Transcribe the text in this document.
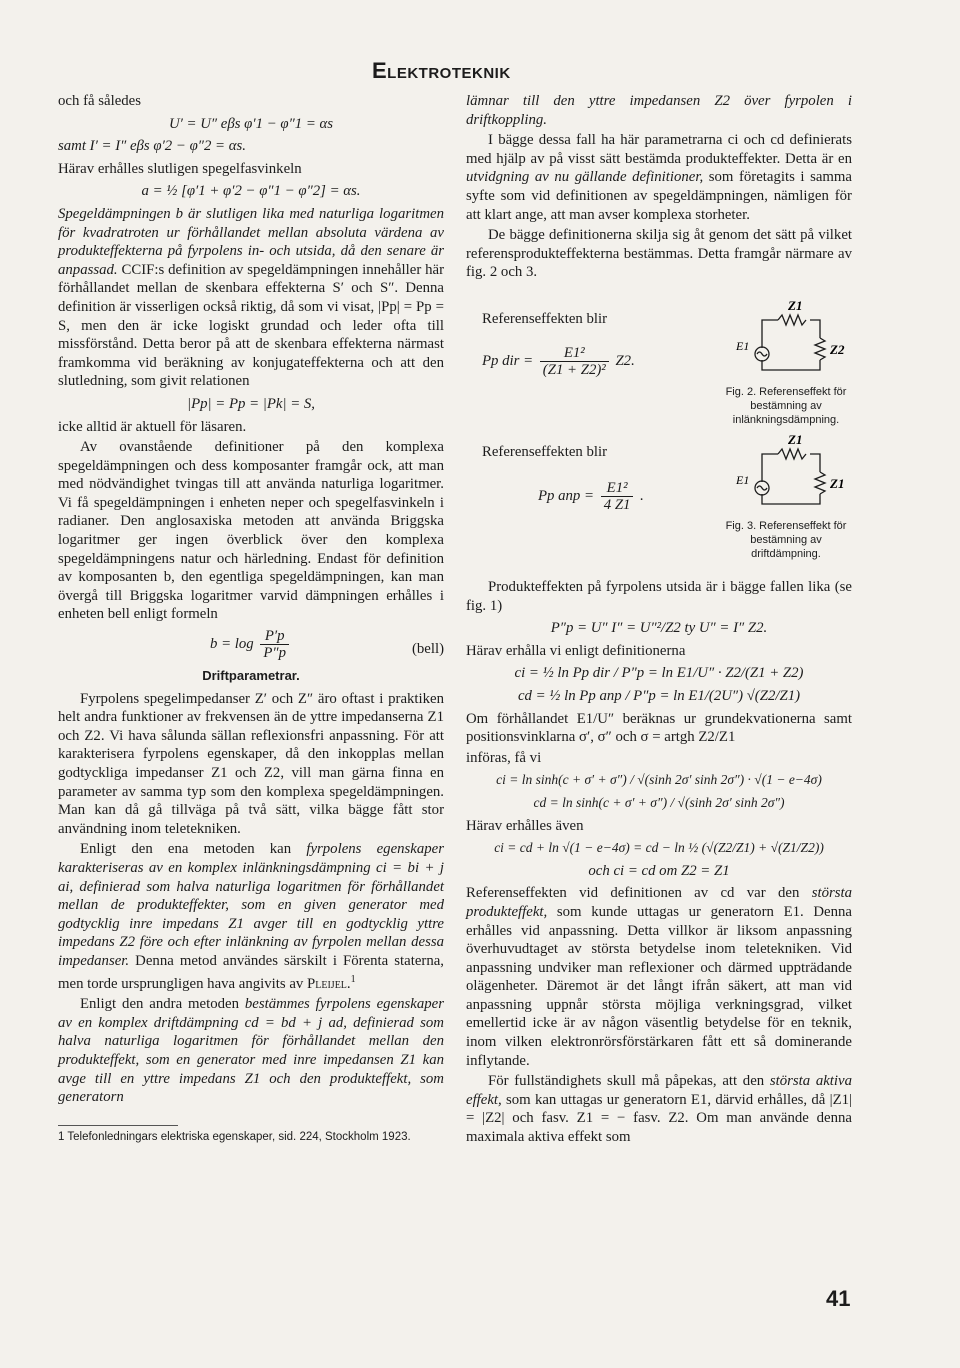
Elektroteknik

och få således

U′ = U″ eβs φ′1 − φ″1 = αs
samt I′ = I″ eβs φ′2 − φ″2 = αs.

Härav erhålles slutligen spegelfasvinkeln

a = ½ [φ′1 + φ′2 − φ″1 − φ″2] = αs.

Spegeldämpningen b är slutligen lika med naturliga logaritmen för kvadratroten ur förhållandet mellan absoluta värdena av produkteffekterna på fyrpolens in- och utsida, då den senare är anpassad. CCIF:s definition av spegeldämpningen innehåller här förhållandet mellan de skenbara effekterna S′ och S″. Denna definition är visserligen också riktig, då som vi visat, |Pp| = Pp = S, men den är icke logiskt grundad och leder ofta till missförstånd. Detta beror på att de skenbara effekterna närmast framkomma vid beräkning av konjugateffekterna och att den slutledning, som givit relationen

|Pp| = Pp = |Pk| = S,

icke alltid är aktuell för läsaren.

Av ovanstående definitioner på den komplexa spegeldämpningen och dess komposanter framgår ock, att man med nödvändighet tvingas till att använda naturliga logaritmer. Vi få spegeldämpningen i enheten neper och spegelfasvinkeln i radianer. Den anglosaxiska metoden att använda Briggska logaritmer ger ingen överblick över den komplexa spegeldämpningens natur och härledning. Endast för definition av komposanten b, den egentliga spegeldämpningen, kan man övergå till Briggska logaritmer varvid dämpningen erhålles i enheten bell enligt formeln

$b = \log \frac{P'p}{P''p}$	(bell)
Driftparametrar.

Fyrpolens spegelimpedanser Z′ och Z″ äro oftast i praktiken helt andra funktioner av frekvensen än de yttre impedanserna Z1 och Z2. Vi hava sålunda sällan reflexionsfri anpassning. För att karakterisera fyrpolens egenskaper, då den inkopplas mellan godtyckliga impedanser Z1 och Z2, vill man gärna finna en parameter av samma typ som den komplexa spegeldämpningen. Man kan då gå tillväga på två sätt, vilka bägge fått stor användning inom teletekniken.

Enligt den ena metoden kan fyrpolens egenskaper karakteriseras av en komplex inlänkningsdämpning ci = bi + j ai, definierad som halva naturliga logaritmen för förhållandet mellan de produkteffekter, som en given generator med godtycklig inre impedans Z1 avger till en godtycklig yttre impedans Z2 före och efter inlänkning av fyrpolen mellan dessa impedanser. Denna metod användes särskilt i Förenta staterna, men torde ursprungligen hava angivits av Pleijel.$^1$

Enligt den andra metoden bestämmes fyrpolens egenskaper av en komplex driftdämpning cd = bd + j ad, definierad som halva naturliga logaritmen för förhållandet mellan den produkteffekt, som en generator med inre impedansen Z1 kan avge till en yttre impedans Z1 och den produkteffekt, som generatorn

1 Telefonledningars elektriska egenskaper, sid. 224, Stockholm 1923.

lämnar till den yttre impedansen Z2 över fyrpolen i driftkoppling.

I bägge dessa fall ha här parametrarna ci och cd definierats med hjälp av på visst sätt bestämda produkteffekter. Detta är en utvidgning av nu gällande definitioner, som företagits i samma syfte som vid definitionen av spegeldämpningen, nämligen för att klart ange, att man avser komplexa storheter.

De bägge definitionerna skilja sig åt genom det sätt på vilket referensprodukteffekterna bestämmas. Detta framgår närmare av fig. 2 och 3.

Referenseffekten blir

Pp dir = $\frac{\text{E1²}}{\text{(Z1 + Z2)²}} Z2$.

Referenseffekten blir

Pp anp = $\frac{\text{E1²}}{4 Z1}$ .
Z1
E1	Z2
Fig. 2. Referenseffekt för bestämning av inlänkningsdämpning.
Z1
E1	Z1
Fig. 3. Referenseffekt för bestämning av driftdämpning.

Produkteffekten på fyrpolens utsida är i bägge fallen lika (se fig. 1)

P″p = U″ I″ = U″²/Z2 ty U″ = I″ Z2.

Härav erhålla vi enligt definitionerna

ci = ½ ln Pp dir / P″p = ln E1/U″ · Z2/(Z1 + Z2)
cd = ½ ln Pp anp / P″p = ln E1/(2U″) √(Z2/Z1)

Om förhållandet E1/U″ beräknas ur grundekvationerna samt positionsvinklarna σ′, σ″ och σ = artgh Z2/Z1

införas, få vi

ci = ln sinh(c + σ′ + σ″) / √(sinh 2σ′ sinh 2σ″) · √(1 − e−4σ)
cd = ln sinh(c + σ′ + σ″) / √(sinh 2σ′ sinh 2σ″)

Härav erhålles även

ci = cd + ln √(1 − e−4σ) = cd − ln ½ (√(Z2/Z1) + √(Z1/Z2))
och ci = cd om Z2 = Z1

Referenseffekten vid definitionen av cd var den största produkteffekt, som kunde uttagas ur generatorn E1. Denna erhålles vid anpassning. Detta villkor är liksom anpassning överhuvudtaget av största betydelse inom teletekniken. Vid anpassning undviker man reflexioner och därmed uppträdande olägenheter. Däremot är det långt ifrån säkert, att man vid anpassning uppnår största möjliga verkningsgrad, vilket emellertid icke är av någon väsentlig betydelse för en teknik, inom vilken elektronrörsförstärkaren fått ett så dominerande inflytande.

För fullständighets skull må påpekas, att den största aktiva effekt, som kan uttagas ur generatorn E1, därvid erhålles, då |Z1| = |Z2| och fasv. Z1 = − fasv. Z2. Om man använde denna maximala aktiva effekt som

41
